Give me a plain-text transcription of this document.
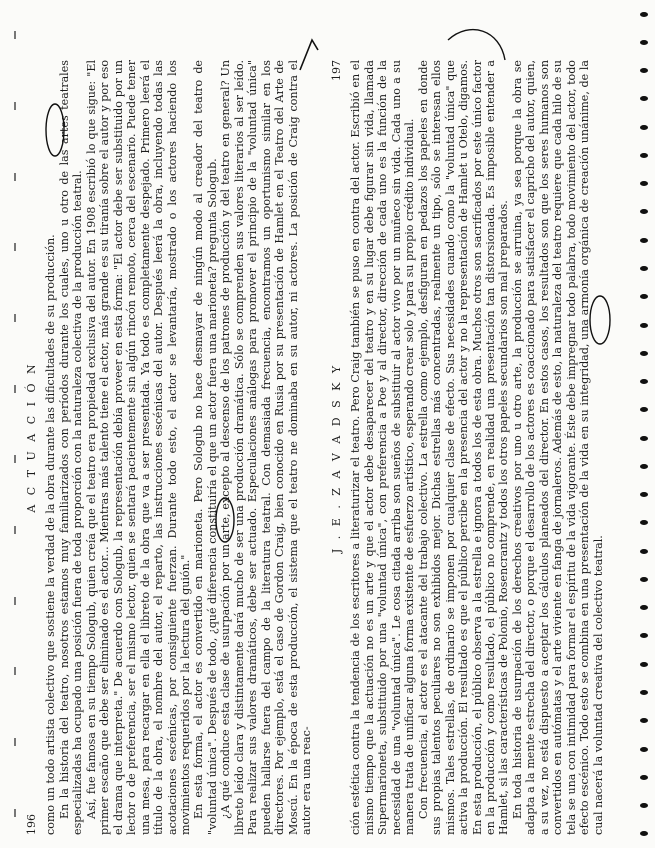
196
A C T U A C I Ó N como un todo artista colectivo que sostiene la verdad de la obra durante las dificultades de su producción. En la historia del teatro, nosotros estamos muy familiarizados con períodos durante los cuales, uno u otro de las artes teatrales especializadas ha ocupado una posición fuera de toda proporción con la naturaleza colectiva de la producción teatral. Así, fue famosa en su tiempo Sologub, quien creía que el teatro era propiedad exclusiva del autor. En 1908 escribió lo que sigue: "El primer escaño que debe ser eliminado es el actor... Mientras más talento tiene el actor, más grande es su tiranía sobre el autor y por eso el drama que interpreta." De acuerdo con Sologub, la representación debía proveer en esta forma: "El actor debe ser substituido por un lector o de preferencia, ser el mismo lector, quien se sentará pacientemente sin algún rincón remoto, cerca del escenario. Puede tener una mesa, para recargar en ella el libreto de la obra que va a ser presentada. Ya todo es completamente despejado. Primero leerá el título de la obra, el nombre del autor, el reparto, las instrucciones escénicas del autor. Después leerá la obra, incluyendo todas las acotaciones escénicas, por consiguiente fuerzan. Durante todo esto, el actor se levantaría, mostrado o los actores haciendo los movimientos requeridos por la lectura del guión." En esta forma, el actor es convertido en marioneta. Pero Sologub no hace desmayar de ningún modo al creador del teatro de "voluntad única". Después de todo, ¿qué diferencia constituiría el que un actor fuera una marioneta? pregunta Sologub. ¿A qué conduce esta clase de usurpación por un arte, excepto al descenso de los patrones de producción y del teatro en general? Un libreto leído clara y distintamente dará mucho de ser una producción dramática. Sólo se comprenden sus valores literarios al ser leído. Para realizar sus valores dramáticos, debe ser actuado. Especulaciones análogas para promover el principio de la "voluntad única" pueden hallarse fuera del campo de la literatura teatral. Con demasiada frecuencia, encontramos un oportunismo similar en los directores. Por ejemplo, está el caso de Gordon Craig, bien conocido en Rusia por su presentación de Hamlet en el Teatro del Arte de Moscú. En la época de esta producción, el sistema que el teatro ne dominaba en su autor, ni actores. La posición de Craig contra el autor era una reac-

J . E . Z A V A D S K Y
197 ción estética contra la tendencia de los escritores a literaturizar el teatro. Pero Craig también se puso en contra del actor. Escribió en el mismo tiempo que la actuación no es un arte y que el actor debe desaparecer del teatro y en su lugar debe figurar sin vida, llamada Supermarioneta, substituido por una "voluntad única", con preferencia a Poe y al director, dirección de cada uno es la función de la necesidad de una "voluntad única". Le cosa citada arriba son sueños de substituir al actor vivo por un muñeco sin vida. Cada uno a su manera trata de unificar alguna forma existente de esfuerzo artístico, esperando crear solo y para su propio crédito individual. Con frecuencia, el actor es el atacante del trabajo colectivo. La estrella como ejemplo, desfiguran en pedazos los papeles en donde sus propias talentos peculiares no son exhibidos mejor. Dichas estrellas más concentradas, realmente un tipo, sólo se interesan ellos mismos. Tales estrellas, de ordinario se imponen por cualquier clase de efecto. Sus necesidades cuando como la "voluntad única" que activa la producción. El resultado es que el público percibe en la presencia del actor y no la representación de Hamlet u Otelo, digamos. En esta producción, el público observa a la estrella e ignora a todos los de esta obra. Muchos otros son sacrificados por este único factor en la producción y como resultado, el público no comprende, en realidad una presentación tan distorsionada. Es imposible entender a Hamlet, si las características de Polonio, Rosencrantz y todos los otros papeles secundarios son mal preparados. En toda historia de usurpación de los derechos creativos por uno u otro arte, la producción se arruina, ya sea porque la obra se adapta a la mente estrecha del director, o porque el desarrollo de los actores es coaccionado para satisfacer el capricho del autor, quien, a su vez, no está dispuesto a aceptar los cálculos planeados del director. En estos casos, los resultados son que los seres humanos son convertidos en autómatas y el arte viviente en fanga de jornaleros. Además de esto, la naturaleza del teatro requiere que cada hilo de su tela se una con intimidad para formar el espíritu de la vida vigorante. Éste debe impregnar todo palabra, todo movimiento del actor, todo efecto escénico. Todo esto se combina en una presentación de la vida en su integridad, una armonía orgánica de creación unánime, de la cual nacerá la voluntad creativa del colectivo teatral.
